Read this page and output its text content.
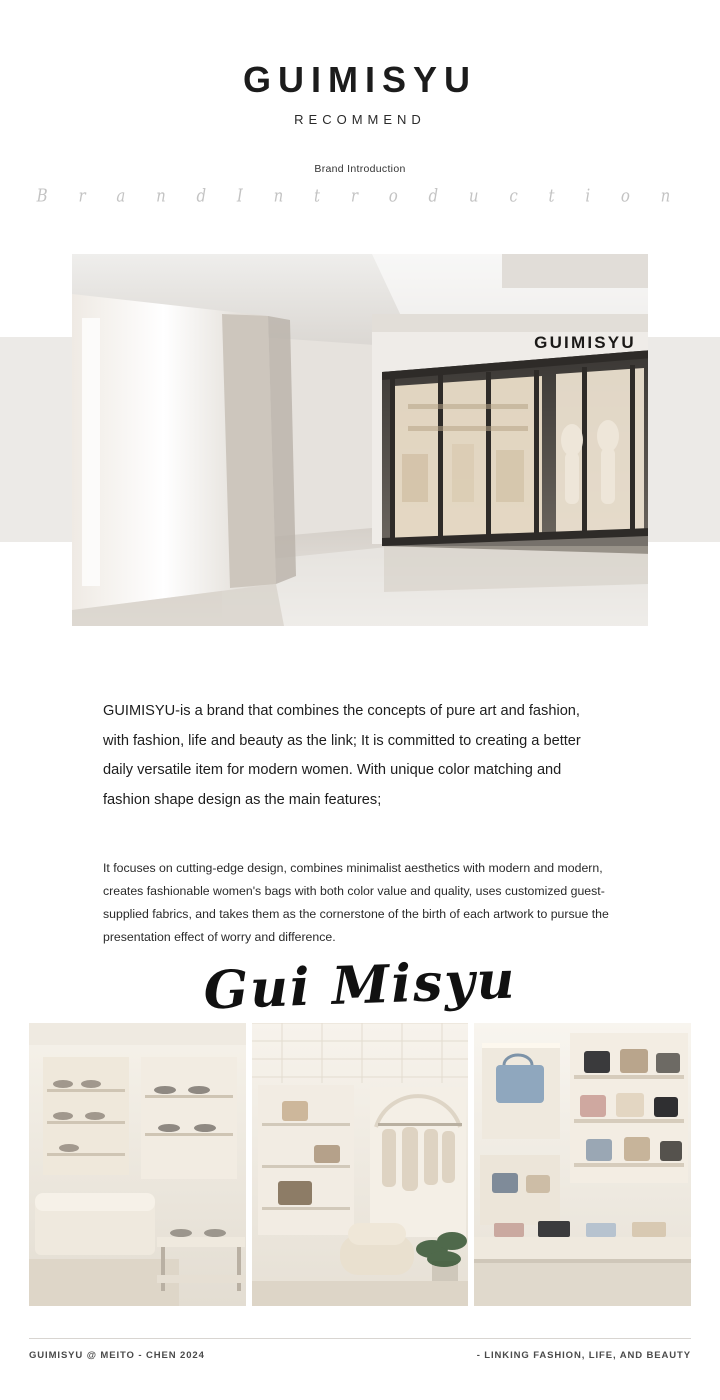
GUIMISYU
RECOMMEND
Brand Introduction
B r a n d I n t r o d u c t i o n
GUIMISYU

GUIMISYU-is a brand that combines the concepts of pure art and fashion, with fashion, life and beauty as the link; It is committed to creating a better daily versatile item for modern women. With unique color matching and fashion shape design as the main features;

It focuses on cutting-edge design, combines minimalist aesthetics with modern and modern, creates fashionable women's bags with both color value and quality, uses customized guest-supplied fabrics, and takes them as the cornerstone of the birth of each artwork to pursue the presentation effect of worry and difference.

Gui Misyu
GUIMISYU @ MEITO - CHEN 2024	- LINKING FASHION, LIFE, AND BEAUTY
